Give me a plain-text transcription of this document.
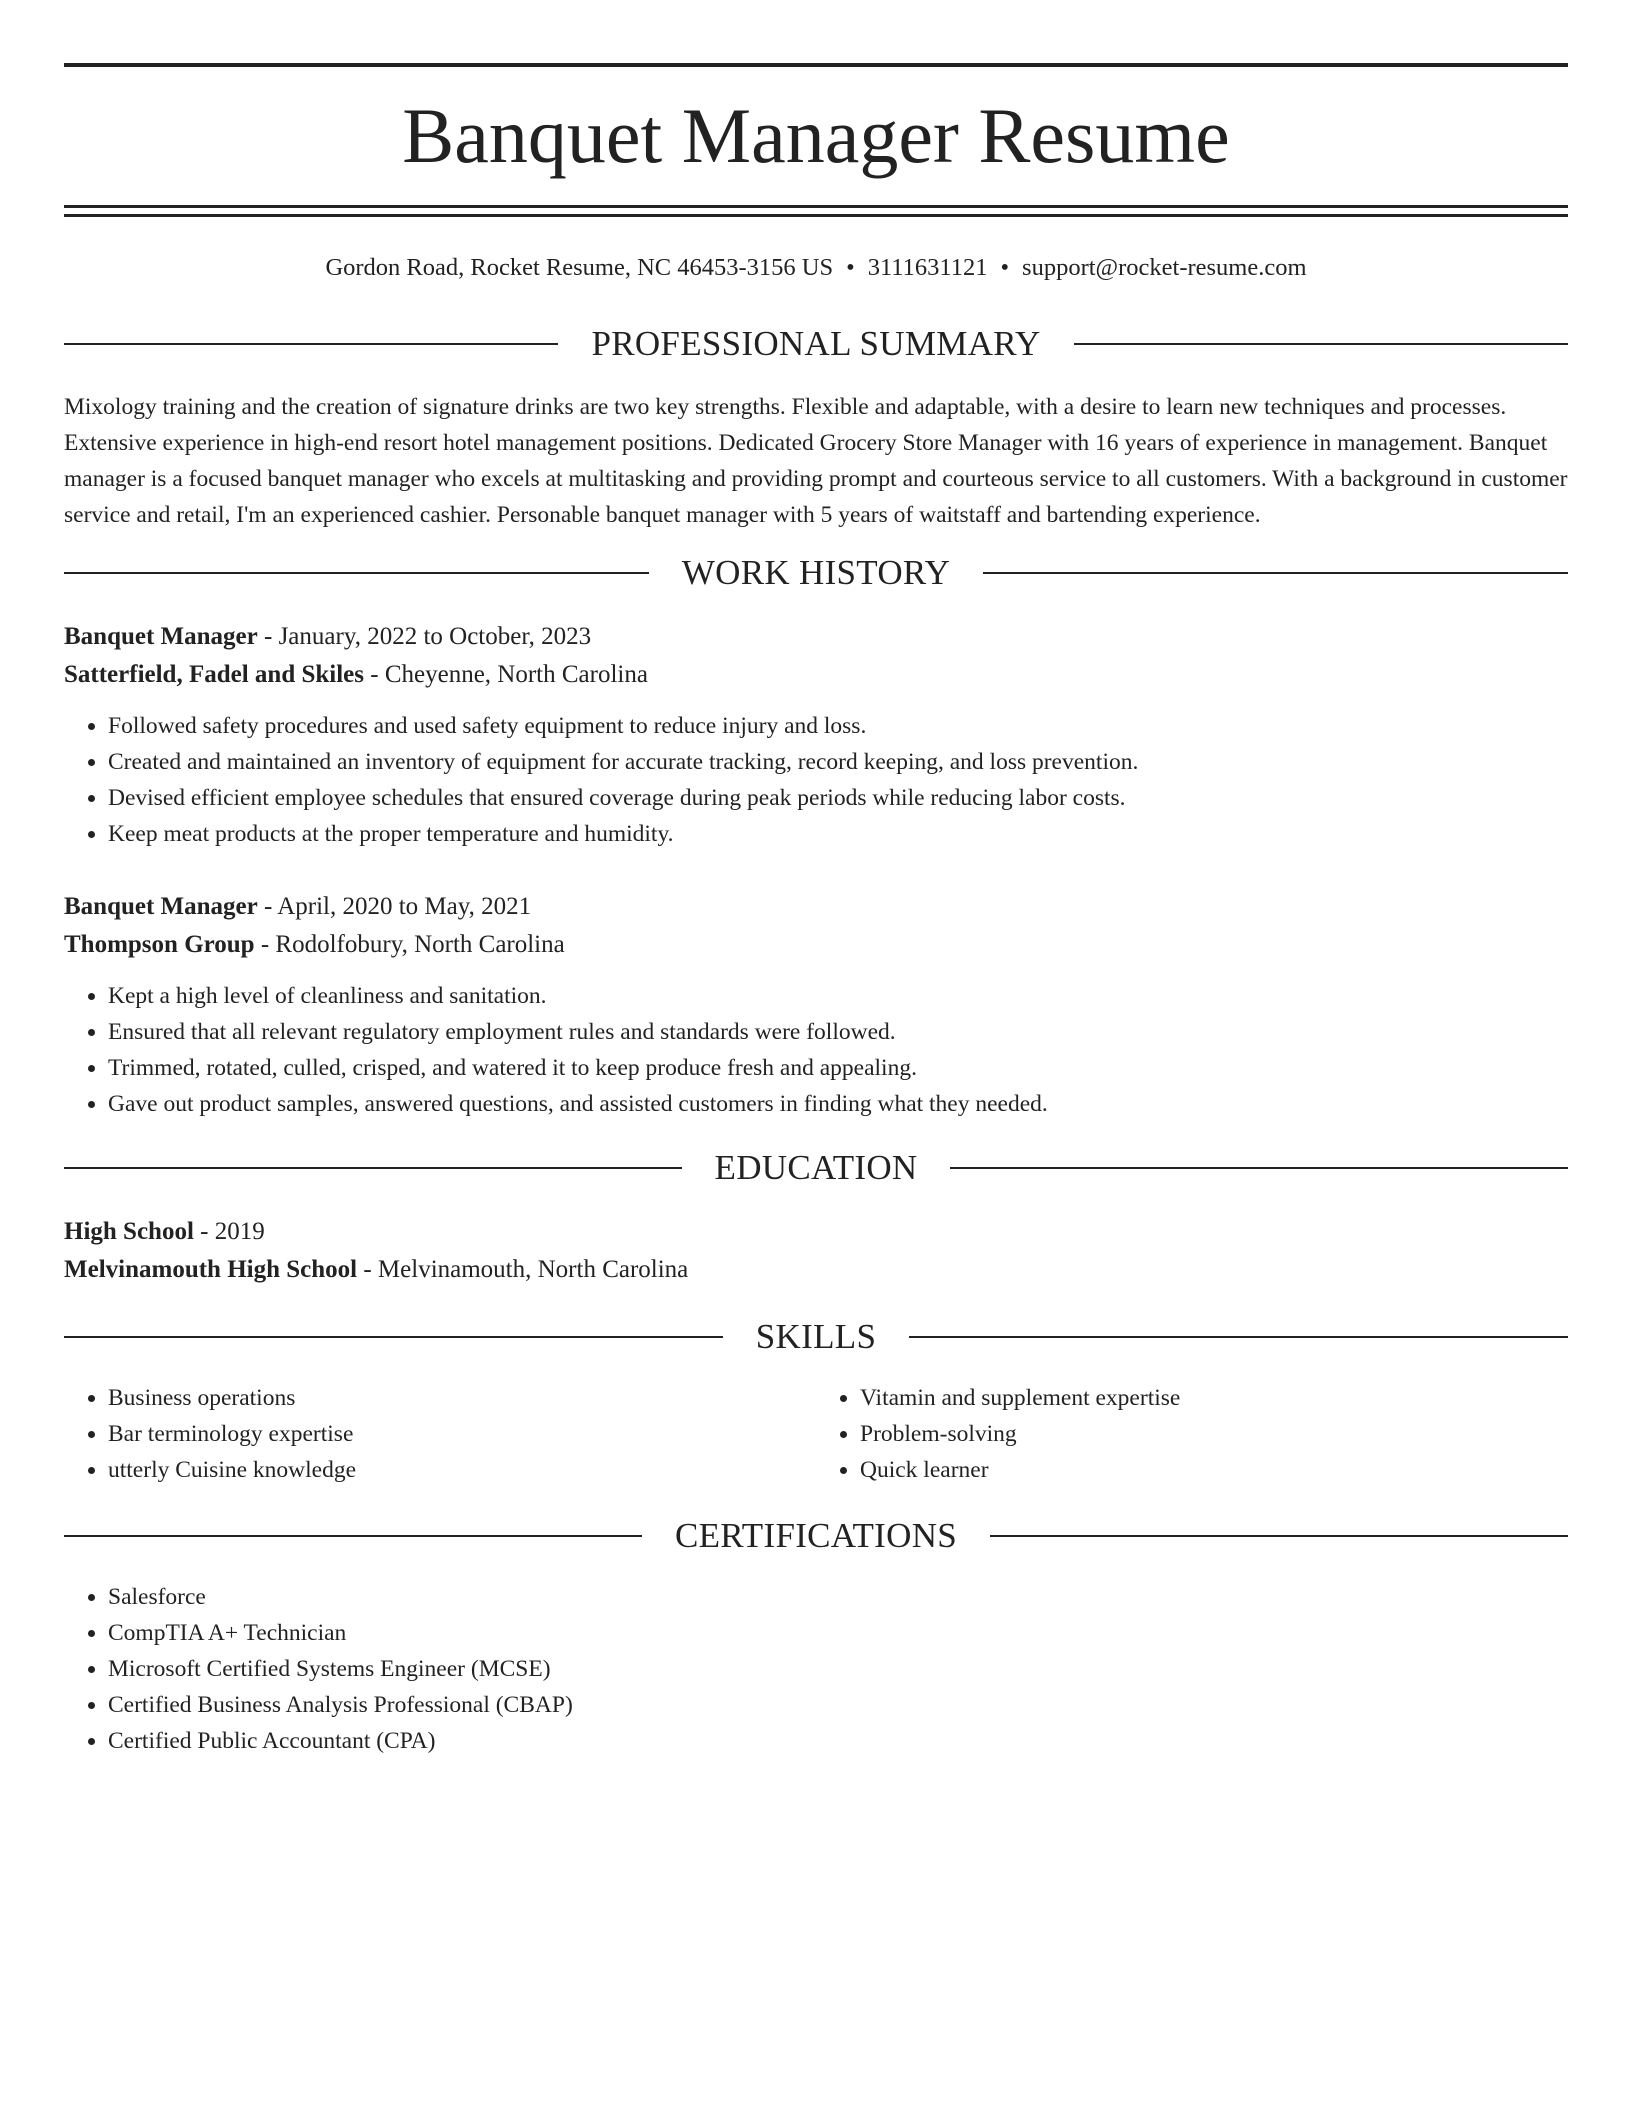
Banquet Manager Resume
Gordon Road, Rocket Resume, NC 46453-3156 US • 3111631121 • support@rocket-resume.com
PROFESSIONAL SUMMARY

Mixology training and the creation of signature drinks are two key strengths. Flexible and adaptable, with a desire to learn new techniques and processes. Extensive experience in high-end resort hotel management positions. Dedicated Grocery Store Manager with 16 years of experience in management. Banquet manager is a focused banquet manager who excels at multitasking and providing prompt and courteous service to all customers. With a background in customer service and retail, I'm an experienced cashier. Personable banquet manager with 5 years of waitstaff and bartending experience.

WORK HISTORY
Banquet Manager - January, 2022 to October, 2023
Satterfield, Fadel and Skiles - Cheyenne, North Carolina
• Followed safety procedures and used safety equipment to reduce injury and loss.
• Created and maintained an inventory of equipment for accurate tracking, record keeping, and loss prevention.
• Devised efficient employee schedules that ensured coverage during peak periods while reducing labor costs.
• Keep meat products at the proper temperature and humidity.
Banquet Manager - April, 2020 to May, 2021
Thompson Group - Rodolfobury, North Carolina
• Kept a high level of cleanliness and sanitation.
• Ensured that all relevant regulatory employment rules and standards were followed.
• Trimmed, rotated, culled, crisped, and watered it to keep produce fresh and appealing.
• Gave out product samples, answered questions, and assisted customers in finding what they needed.
EDUCATION
High School - 2019
Melvinamouth High School - Melvinamouth, North Carolina
SKILLS
• Business operations
• Bar terminology expertise
• utterly Cuisine knowledge
• Vitamin and supplement expertise
• Problem-solving
• Quick learner
CERTIFICATIONS
• Salesforce
• CompTIA A+ Technician
• Microsoft Certified Systems Engineer (MCSE)
• Certified Business Analysis Professional (CBAP)
• Certified Public Accountant (CPA)
